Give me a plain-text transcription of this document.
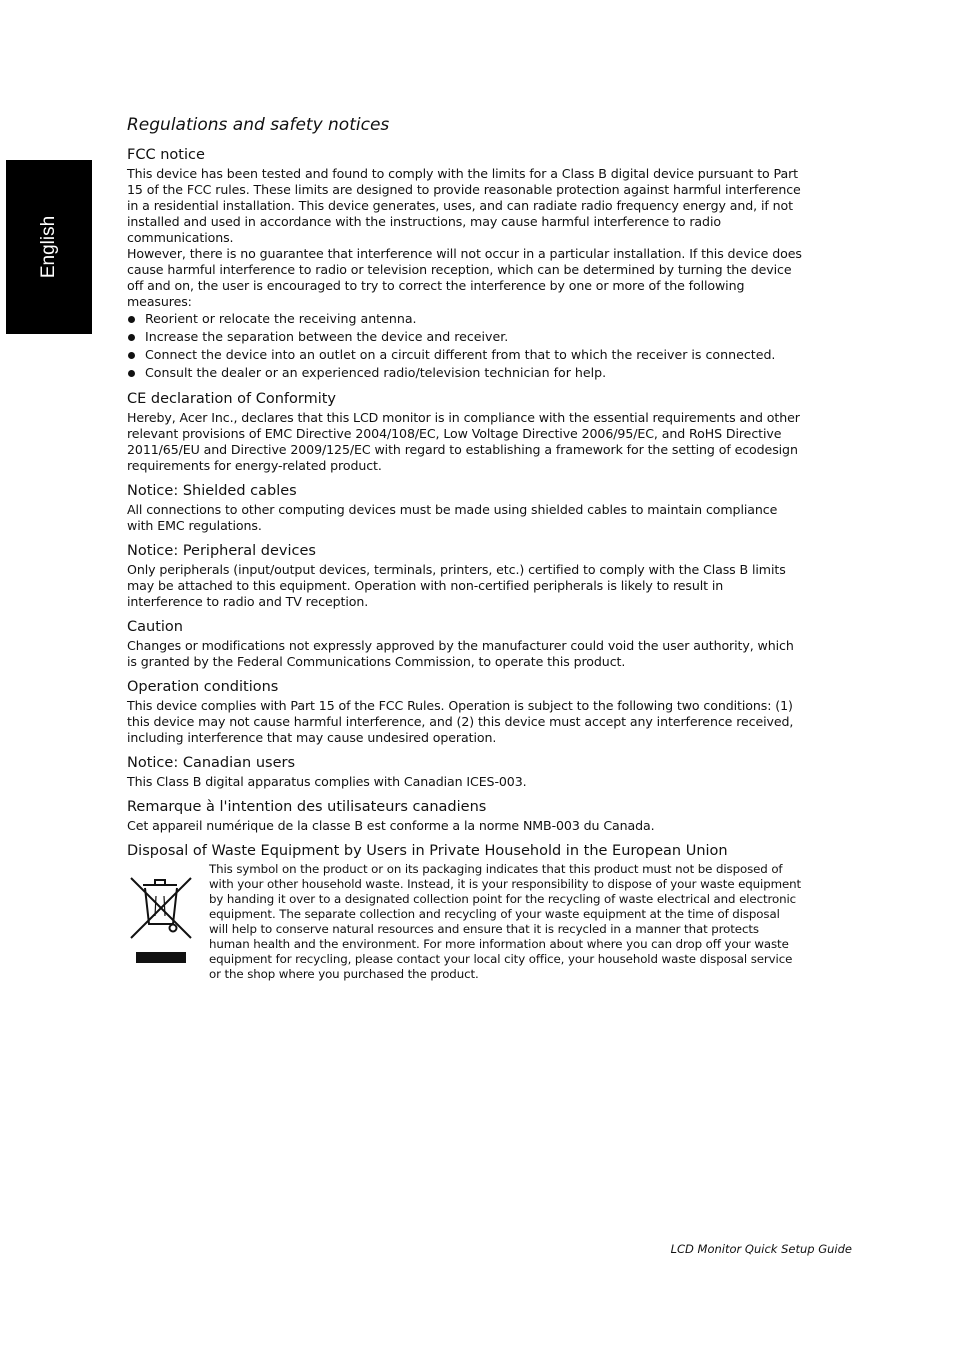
English
Regulations and safety notices
FCC notice

This device has been tested and found to comply with the limits for a Class B digital device pursuant to Part 15 of the FCC rules. These limits are designed to provide reasonable protection against harmful interference in a residential installation. This device generates, uses, and can radiate radio frequency energy and, if not installed and used in accordance with the instructions, may cause harmful interference to radio communications.

However, there is no guarantee that interference will not occur in a particular installation. If this device does cause harmful interference to radio or television reception, which can be determined by turning the device off and on, the user is encouraged to try to correct the interference by one or more of the following measures:

Reorient or relocate the receiving antenna.
Increase the separation between the device and receiver.
Connect the device into an outlet on a circuit different from that to which the receiver is connected.
Consult the dealer or an experienced radio/television technician for help.
CE declaration of Conformity

Hereby, Acer Inc., declares that this LCD monitor is in compliance with the essential requirements and other relevant provisions of EMC Directive 2004/108/EC, Low Voltage Directive 2006/95/EC, and RoHS Directive 2011/65/EU and Directive 2009/125/EC with regard to establishing a framework for the setting of ecodesign requirements for energy-related product.

Notice: Shielded cables

All connections to other computing devices must be made using shielded cables to maintain compliance with EMC regulations.

Notice: Peripheral devices

Only peripherals (input/output devices, terminals, printers, etc.) certified to comply with the Class B limits may be attached to this equipment. Operation with non-certified peripherals is likely to result in interference to radio and TV reception.

Caution

Changes or modifications not expressly approved by the manufacturer could void the user authority, which is granted by the Federal Communications Commission, to operate this product.

Operation conditions

This device complies with Part 15 of the FCC Rules. Operation is subject to the following two conditions: (1) this device may not cause harmful interference, and (2) this device must accept any interference received, including interference that may cause undesired operation.

Notice: Canadian users

This Class B digital apparatus complies with Canadian ICES-003.

Remarque à l'intention des utilisateurs canadiens

Cet appareil numérique de la classe B est conforme a la norme NMB-003 du Canada.

Disposal of Waste Equipment by Users in Private Household in the European Union

This symbol on the product or on its packaging indicates that this product must not be disposed of with your other household waste. Instead, it is your responsibility to dispose of your waste equipment by handing it over to a designated collection point for the recycling of waste electrical and electronic equipment. The separate collection and recycling of your waste equipment at the time of disposal will help to conserve natural resources and ensure that it is recycled in a manner that protects human health and the environment. For more information about where you can drop off your waste equipment for recycling, please contact your local city office, your household waste disposal service or the shop where you purchased the product.

LCD Monitor Quick Setup Guide
